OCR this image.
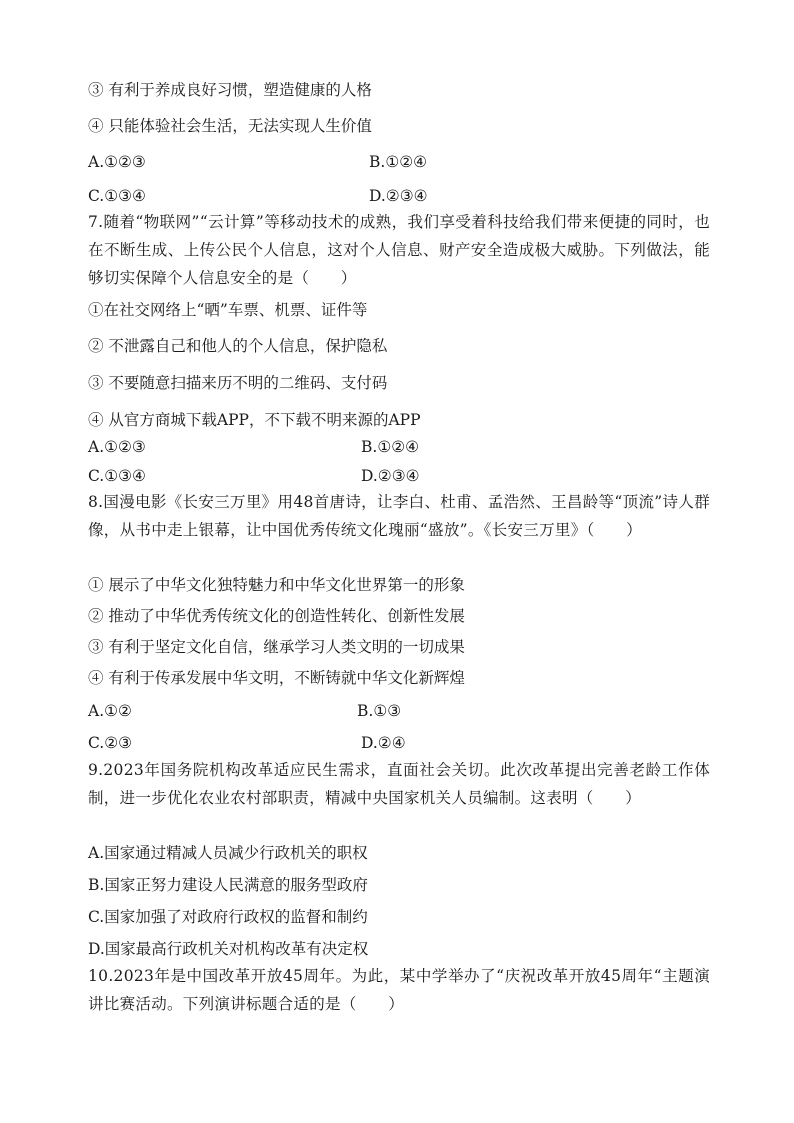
③ 有利于养成良好习惯，塑造健康的人格
④ 只能体验社会生活，无法实现人生价值
A.①②③	B.①②④
C.①③④	D.②③④
7.随着“物联网”“云计算”等移动技术的成熟，我们享受着科技给我们带来便捷的同时，也在不断生成、上传公民个人信息，这对个人信息、财产安全造成极大威胁。下列做法，能够切实保障个人信息安全的是（　　）
①在社交网络上“晒”车票、机票、证件等
② 不泄露自己和他人的个人信息，保护隐私
③ 不要随意扫描来历不明的二维码、支付码
④ 从官方商城下载APP，不下载不明来源的APP
A.①②③	B.①②④
C.①③④	D.②③④
8.国漫电影《长安三万里》用48首唐诗，让李白、杜甫、孟浩然、王昌龄等“顶流”诗人群像，从书中走上银幕，让中国优秀传统文化瑰丽“盛放”。《长安三万里》（　　）
① 展示了中华文化独特魅力和中华文化世界第一的形象
② 推动了中华优秀传统文化的创造性转化、创新性发展
③ 有利于坚定文化自信，继承学习人类文明的一切成果
④ 有利于传承发展中华文明，不断铸就中华文化新辉煌
A.①②	B.①③
C.②③	D.②④
9.2023年国务院机构改革适应民生需求，直面社会关切。此次改革提出完善老龄工作体制，进一步优化农业农村部职责，精减中央国家机关人员编制。这表明（　　）
A.国家通过精减人员减少行政机关的职权
B.国家正努力建设人民满意的服务型政府
C.国家加强了对政府行政权的监督和制约
D.国家最高行政机关对机构改革有决定权
10.2023年是中国改革开放45周年。为此，某中学举办了“庆祝改革开放45周年“主题演讲比赛活动。下列演讲标题合适的是（　　）
